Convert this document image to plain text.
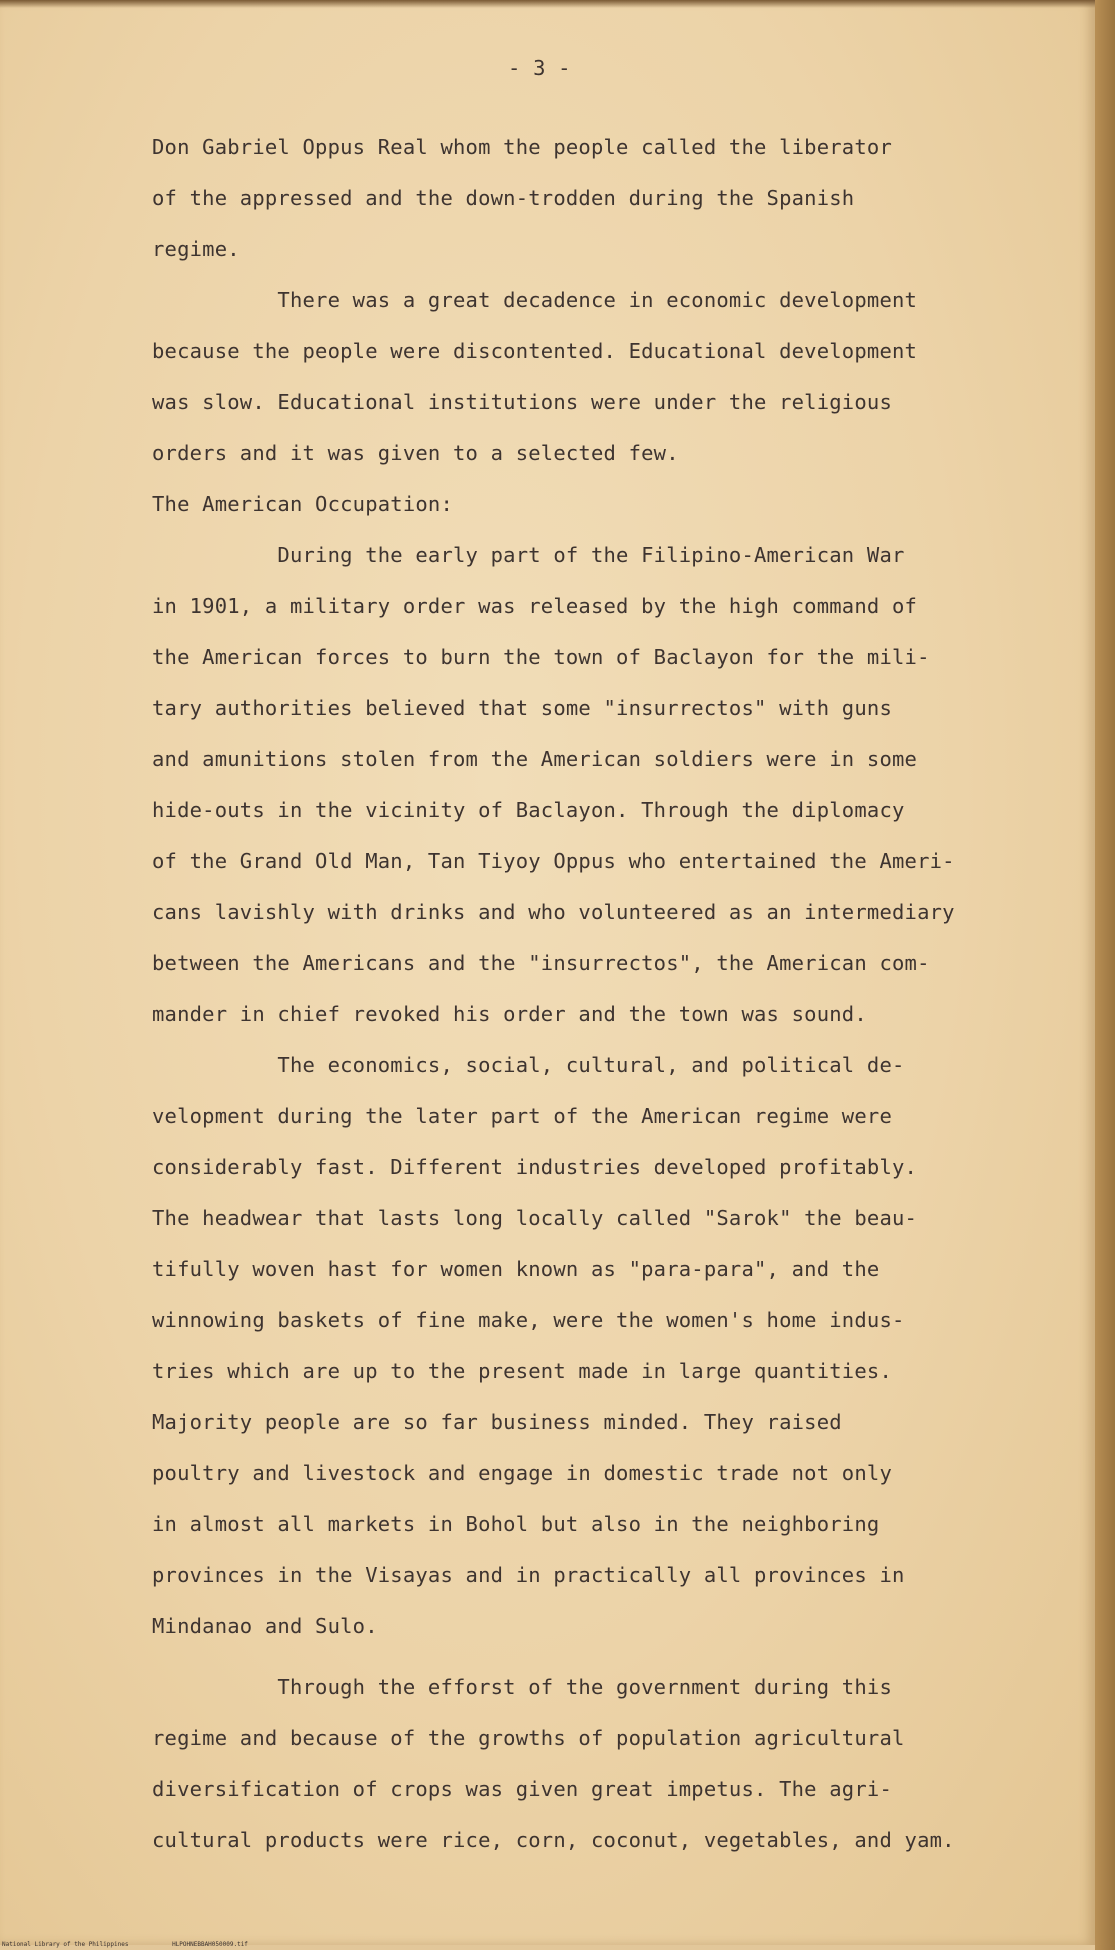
- 3 -
Don Gabriel Oppus Real whom the people called the liberator
of the appressed and the down-trodden during the Spanish
regime.
There was a great decadence in economic development
because the people were discontented. Educational development
was slow. Educational institutions were under the religious
orders and it was given to a selected few.
The American Occupation:
During the early part of the Filipino-American War
in 1901, a military order was released by the high command of
the American forces to burn the town of Baclayon for the mili-
tary authorities believed that some "insurrectos" with guns
and amunitions stolen from the American soldiers were in some
hide-outs in the vicinity of Baclayon. Through the diplomacy
of the Grand Old Man, Tan Tiyoy Oppus who entertained the Ameri-
cans lavishly with drinks and who volunteered as an intermediary
between the Americans and the "insurrectos", the American com-
mander in chief revoked his order and the town was sound.
The economics, social, cultural, and political de-
velopment during the later part of the American regime were
considerably fast. Different industries developed profitably.
The headwear that lasts long locally called "Sarok" the beau-
tifully woven hast for women known as "para-para", and the
winnowing baskets of fine make, were the women's home indus-
tries which are up to the present made in large quantities.
Majority people are so far business minded. They raised
poultry and livestock and engage in domestic trade not only
in almost all markets in Bohol but also in the neighboring
provinces in the Visayas and in practically all provinces in
Mindanao and Sulo.
Through the efforst of the government during this
regime and because of the growths of population agricultural
diversification of crops was given great impetus. The agri-
cultural products were rice, corn, coconut, vegetables, and yam.
National Library of the Philippines	HLPOHNEBBAH050009.tif
